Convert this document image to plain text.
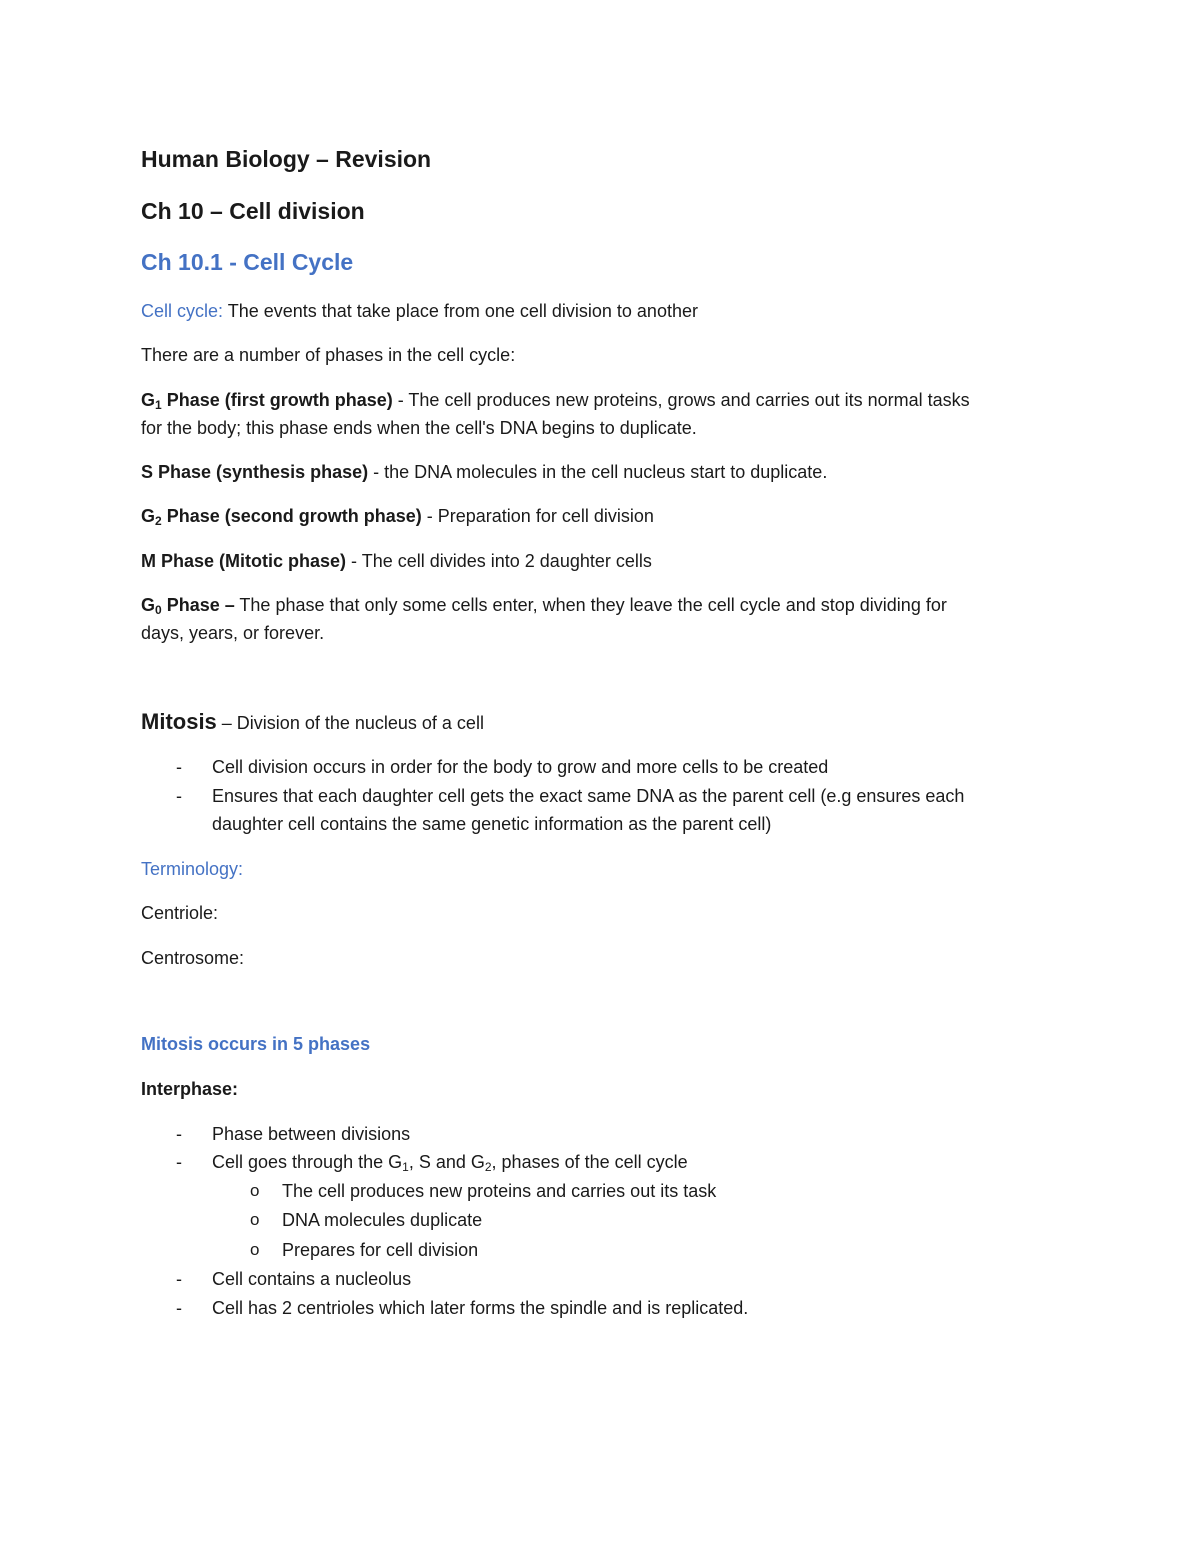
Human Biology – Revision
Ch 10 – Cell division
Ch 10.1 - Cell Cycle
Cell cycle: The events that take place from one cell division to another
There are a number of phases in the cell cycle:
$G_1$ Phase (first growth phase) - The cell produces new proteins, grows and carries out its normal tasks
for the body; this phase ends when the cell's DNA begins to duplicate.
S Phase (synthesis phase) - the DNA molecules in the cell nucleus start to duplicate.
$G_2$ Phase (second growth phase) - Preparation for cell division
M Phase (Mitotic phase) - The cell divides into 2 daughter cells
$G_0$ Phase – The phase that only some cells enter, when they leave the cell cycle and stop dividing for
days, years, or forever.
Mitosis – Division of the nucleus of a cell
- Cell division occurs in order for the body to grow and more cells to be created
- Ensures that each daughter cell gets the exact same DNA as the parent cell (e.g ensures each
daughter cell contains the same genetic information as the parent cell)
Terminology:
Centriole:
Centrosome:
Mitosis occurs in 5 phases
Interphase:
- Phase between divisions
- Cell goes through the $G_1$, S and $G_2$, phases of the cell cycle
o The cell produces new proteins and carries out its task
o DNA molecules duplicate
o Prepares for cell division
- Cell contains a nucleolus
- Cell has 2 centrioles which later forms the spindle and is replicated.
